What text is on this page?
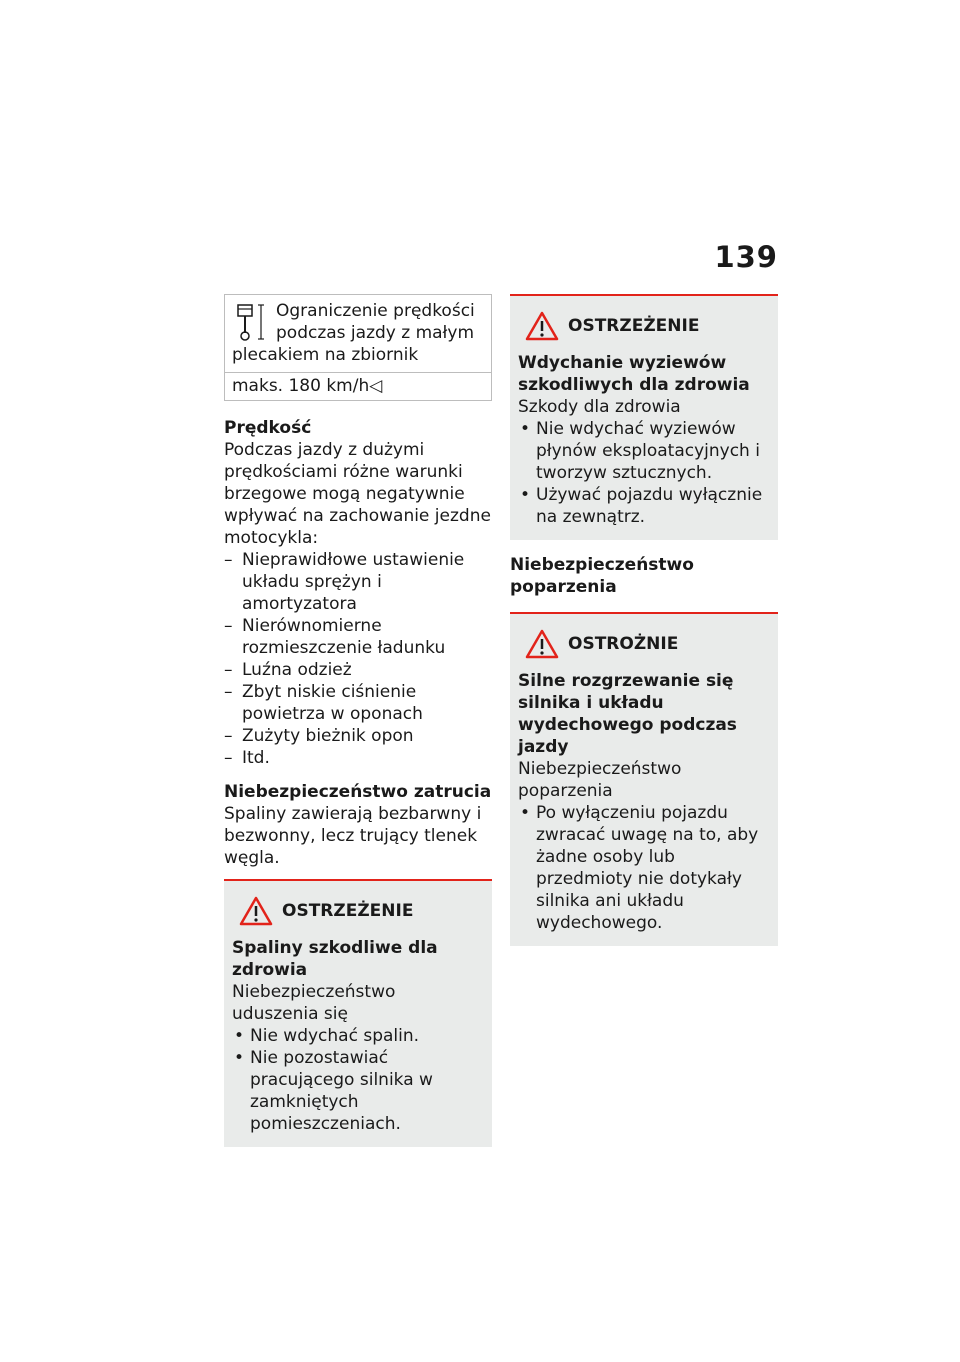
139
Ograniczenie prędkości
podczas jazdy z małym
plecakiem na zbiornik
maks. 180 km/h◁
Prędkość
Podczas jazdy z dużymi prędkościami różne warunki brzegowe mogą negatywnie wpływać na zachowanie jezdne motocykla:
– Nieprawidłowe ustawienie układu sprężyn i amortyzatora
– Nierównomierne rozmieszczenie ładunku
– Luźna odzież
– Zbyt niskie ciśnienie powietrza w oponach
– Zużyty bieżnik opon
– Itd.
Niebezpieczeństwo zatrucia
Spaliny zawierają bezbarwny i bezwonny, lecz trujący tlenek węgla.
OSTRZEŻENIE
Spaliny szkodliwe dla zdrowia
Niebezpieczeństwo uduszenia się
• Nie wdychać spalin.
• Nie pozostawiać pracującego silnika w zamkniętych pomieszczeniach.
OSTRZEŻENIE
Wdychanie wyziewów szkodliwych dla zdrowia
Szkody dla zdrowia
• Nie wdychać wyziewów płynów eksploatacyjnych i tworzyw sztucznych.
• Używać pojazdu wyłącznie na zewnątrz.
Niebezpieczeństwo poparzenia
OSTROŻNIE
Silne rozgrzewanie się silnika i układu wydechowego podczas jazdy
Niebezpieczeństwo poparzenia
• Po wyłączeniu pojazdu zwracać uwagę na to, aby żadne osoby lub przedmioty nie dotykały silnika ani układu wydechowego.
